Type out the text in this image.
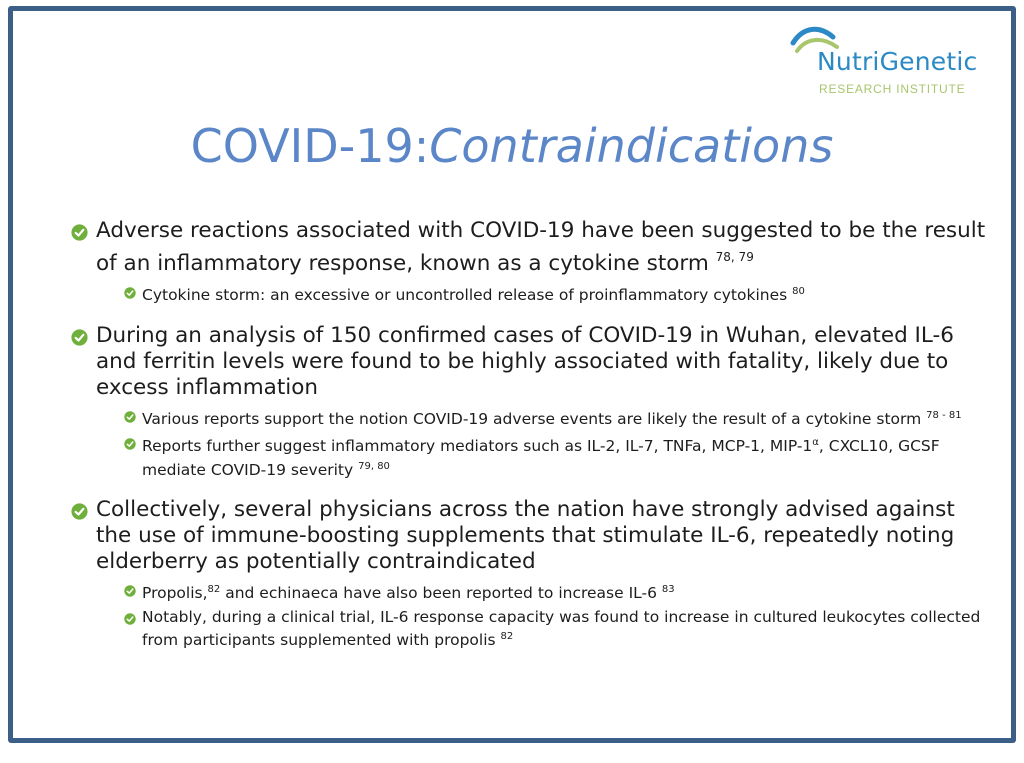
NutriGenetic
RESEARCH INSTITUTE
COVID-19:Contraindications
Adverse reactions associated with COVID-19 have been suggested to be the result of an inflammatory response, known as a cytokine storm $^{78, 79}$
Cytokine storm: an excessive or uncontrolled release of proinflammatory cytokines $^{80}$
During an analysis of 150 confirmed cases of COVID-19 in Wuhan, elevated IL-6 and ferritin levels were found to be highly associated with fatality, likely due to excess inflammation
Various reports support the notion COVID-19 adverse events are likely the result of a cytokine storm $^{78 - 81}$
Reports further suggest inflammatory mediators such as IL-2, IL-7, TNFa, MCP-1, MIP-1$^\alpha$, CXCL10, GCSF mediate COVID-19 severity $^{79, 80}$
Collectively, several physicians across the nation have strongly advised against the use of immune-boosting supplements that stimulate IL-6, repeatedly noting elderberry as potentially contraindicated
Propolis,$^{82}$ and echinaeca have also been reported to increase IL-6 $^{83}$
Notably, during a clinical trial, IL-6 response capacity was found to increase in cultured leukocytes collected from participants supplemented with propolis $^{82}$
